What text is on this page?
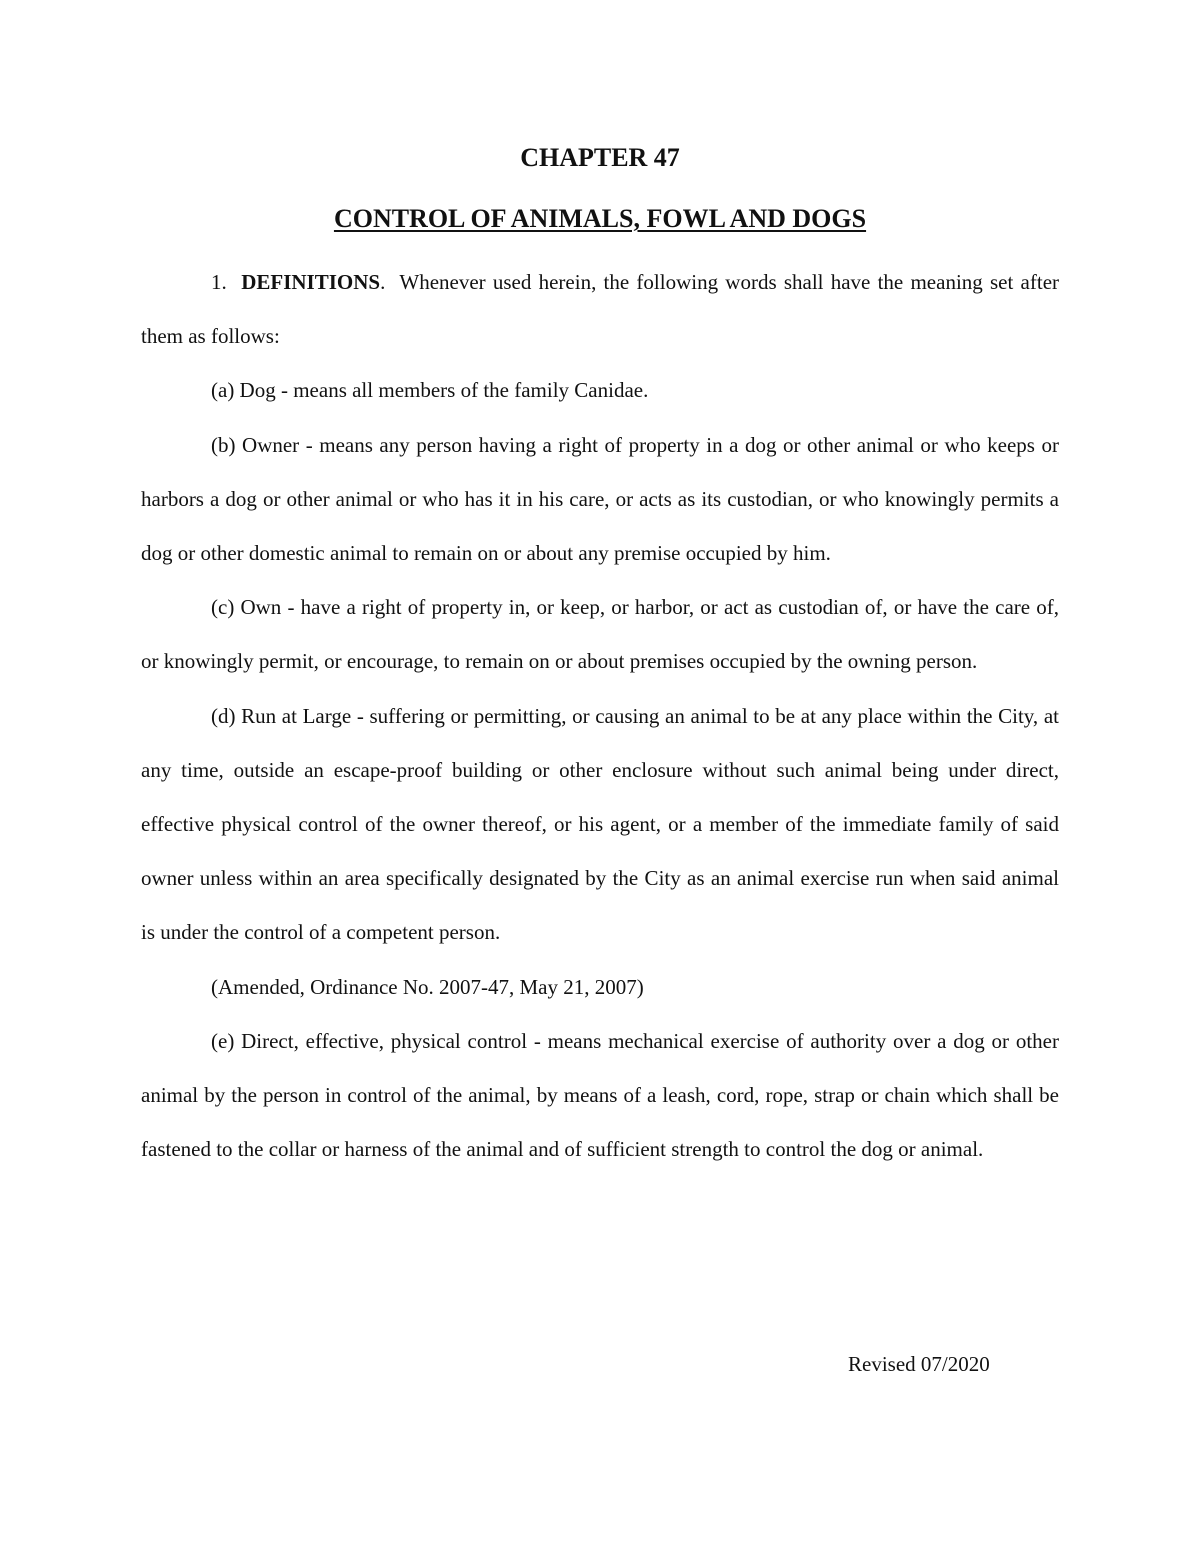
CHAPTER 47
CONTROL OF ANIMALS, FOWL AND DOGS

1. DEFINITIONS. Whenever used herein, the following words shall have the meaning set after them as follows:

(a) Dog - means all members of the family Canidae.

(b) Owner - means any person having a right of property in a dog or other animal or who keeps or harbors a dog or other animal or who has it in his care, or acts as its custodian, or who knowingly permits a dog or other domestic animal to remain on or about any premise occupied by him.

(c) Own - have a right of property in, or keep, or harbor, or act as custodian of, or have the care of, or knowingly permit, or encourage, to remain on or about premises occupied by the owning person.

(d) Run at Large - suffering or permitting, or causing an animal to be at any place within the City, at any time, outside an escape-proof building or other enclosure without such animal being under direct, effective physical control of the owner thereof, or his agent, or a member of the immediate family of said owner unless within an area specifically designated by the City as an animal exercise run when said animal is under the control of a competent person.

(Amended, Ordinance No. 2007-47, May 21, 2007)

(e) Direct, effective, physical control - means mechanical exercise of authority over a dog or other animal by the person in control of the animal, by means of a leash, cord, rope, strap or chain which shall be fastened to the collar or harness of the animal and of sufficient strength to control the dog or animal.

Revised 07/2020
